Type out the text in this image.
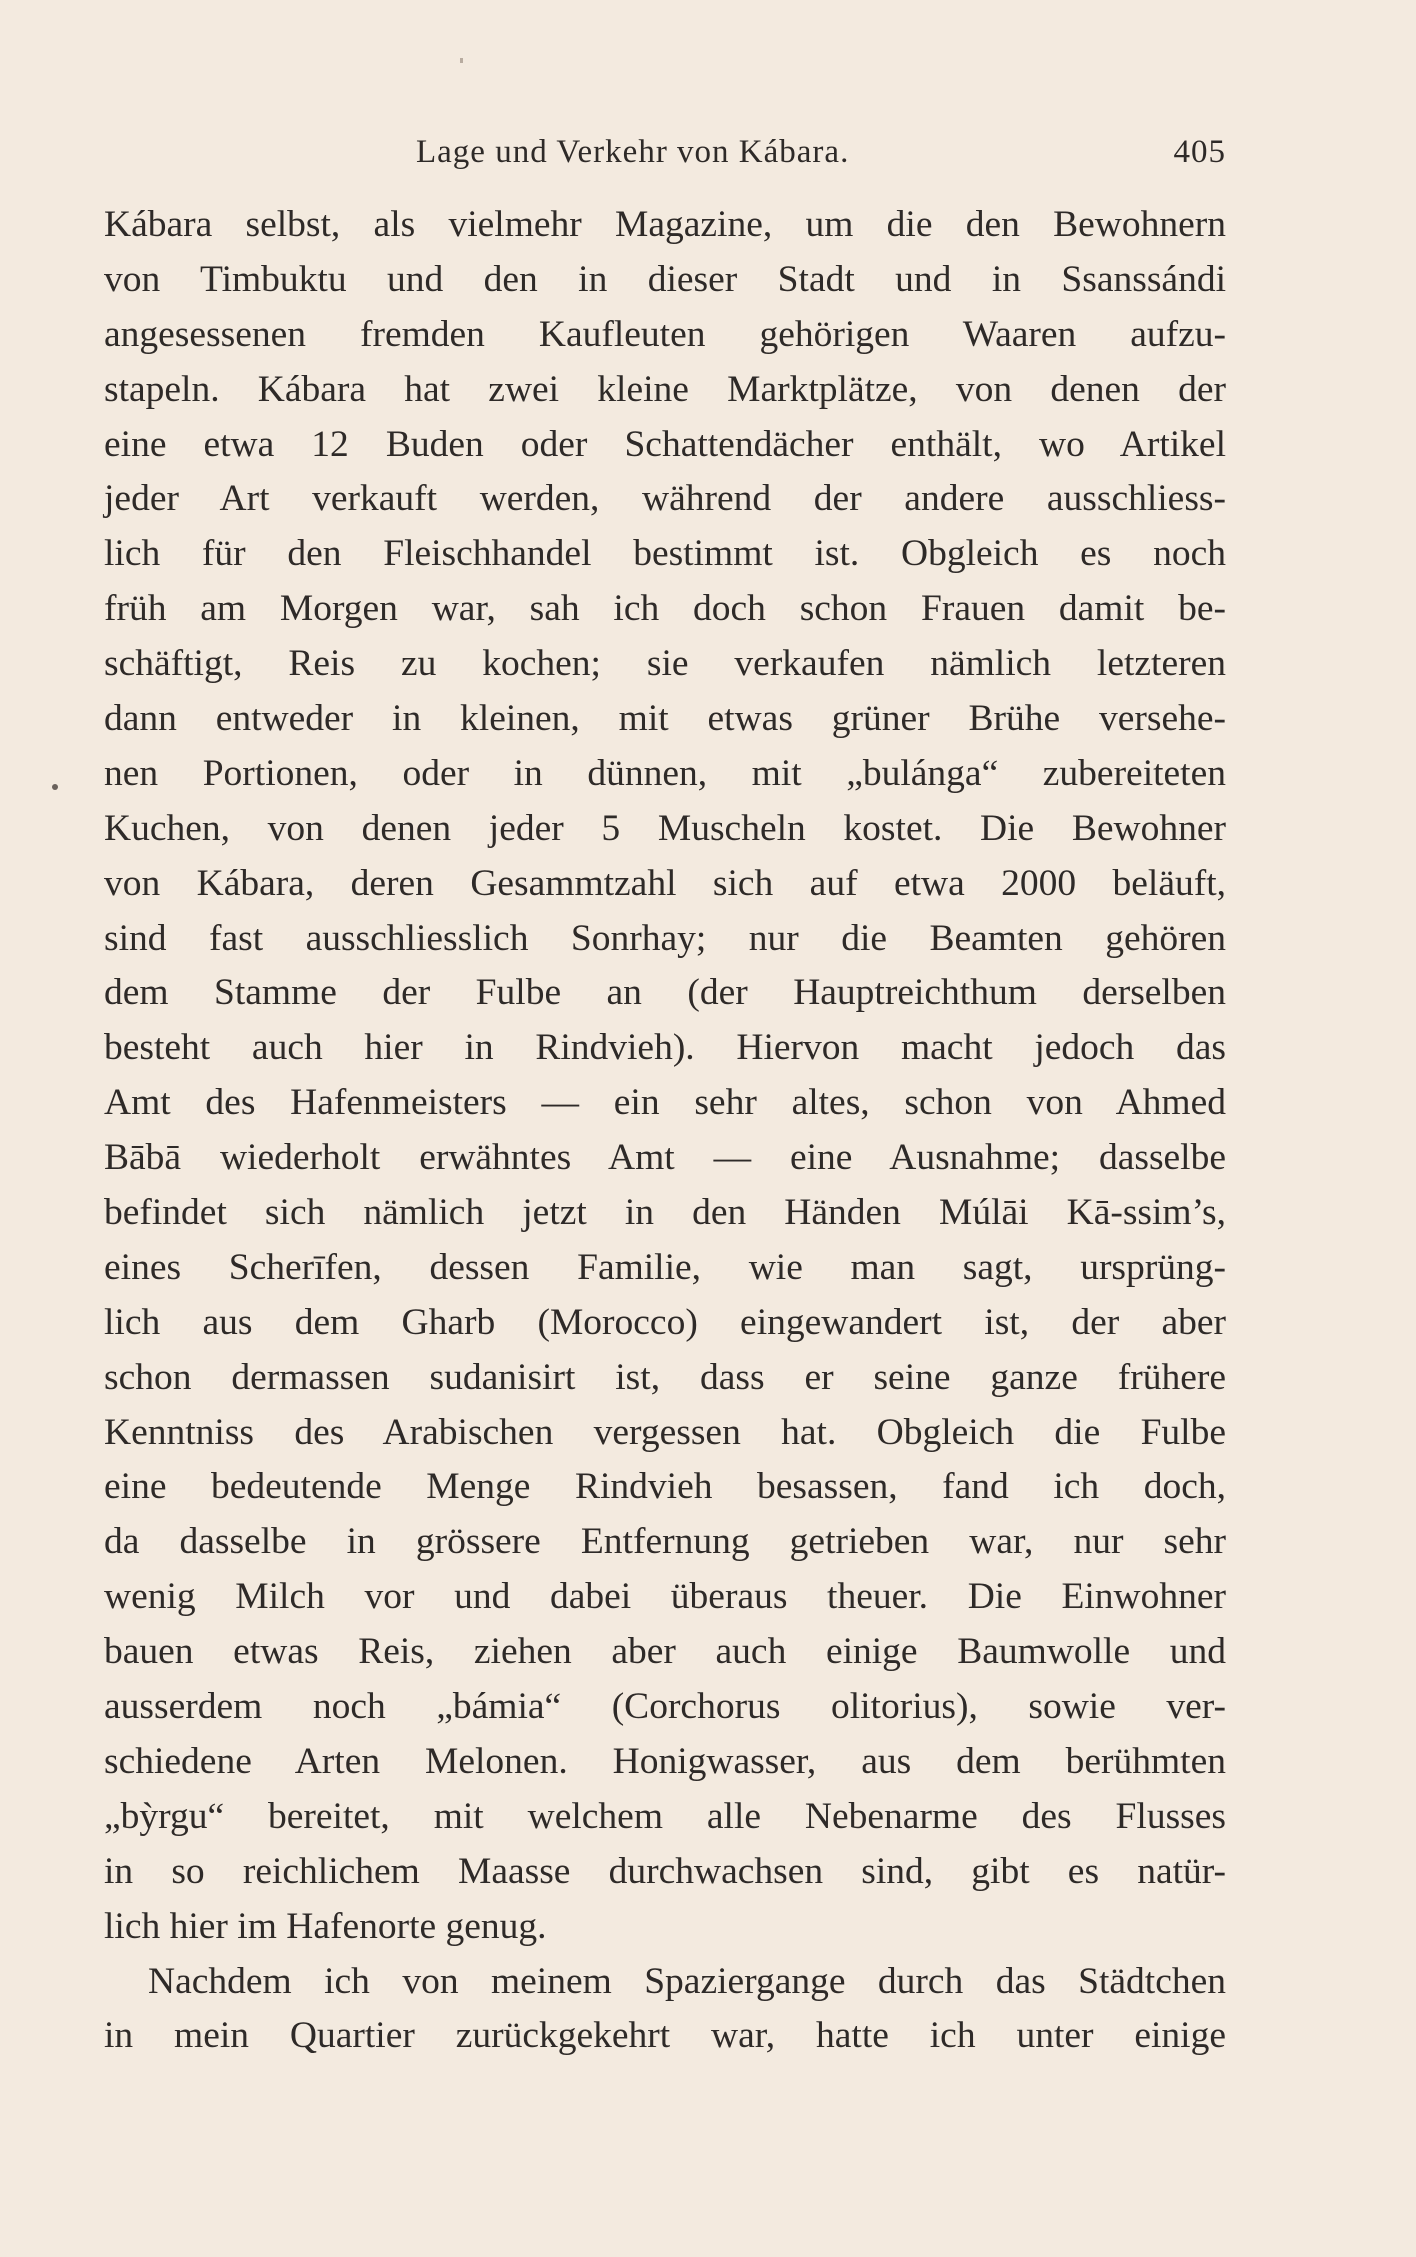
Lage und Verkehr von Kábara.	405
Kábara selbst, als vielmehr Magazine, um die den Bewohnern
von Timbuktu und den in dieser Stadt und in Ssanssándi
angesessenen fremden Kaufleuten gehörigen Waaren aufzu-
stapeln. Kábara hat zwei kleine Marktplätze, von denen der
eine etwa 12 Buden oder Schattendächer enthält, wo Artikel
jeder Art verkauft werden, während der andere ausschliess-
lich für den Fleischhandel bestimmt ist. Obgleich es noch
früh am Morgen war, sah ich doch schon Frauen damit be-
schäftigt, Reis zu kochen; sie verkaufen nämlich letzteren
dann entweder in kleinen, mit etwas grüner Brühe versehe-
nen Portionen, oder in dünnen, mit „bulánga“ zubereiteten
Kuchen, von denen jeder 5 Muscheln kostet. Die Bewohner
von Kábara, deren Gesammtzahl sich auf etwa 2000 beläuft,
sind fast ausschliesslich Sonrhay; nur die Beamten gehören
dem Stamme der Fulbe an (der Hauptreichthum derselben
besteht auch hier in Rindvieh). Hiervon macht jedoch das
Amt des Hafenmeisters — ein sehr altes, schon von Ahmed
Bābā wiederholt erwähntes Amt — eine Ausnahme; dasselbe
befindet sich nämlich jetzt in den Händen Múlāi Kā-ssim’s,
eines Scherīfen, dessen Familie, wie man sagt, ursprüng-
lich aus dem Gharb (Morocco) eingewandert ist, der aber
schon dermassen sudanisirt ist, dass er seine ganze frühere
Kenntniss des Arabischen vergessen hat. Obgleich die Fulbe
eine bedeutende Menge Rindvieh besassen, fand ich doch,
da dasselbe in grössere Entfernung getrieben war, nur sehr
wenig Milch vor und dabei überaus theuer. Die Einwohner
bauen etwas Reis, ziehen aber auch einige Baumwolle und
ausserdem noch „bámia“ (Corchorus olitorius), sowie ver-
schiedene Arten Melonen. Honigwasser, aus dem berühmten
„bỳrgu“ bereitet, mit welchem alle Nebenarme des Flusses
in so reichlichem Maasse durchwachsen sind, gibt es natür-
lich hier im Hafenorte genug.
Nachdem ich von meinem Spaziergange durch das Städtchen
in mein Quartier zurückgekehrt war, hatte ich unter einige
